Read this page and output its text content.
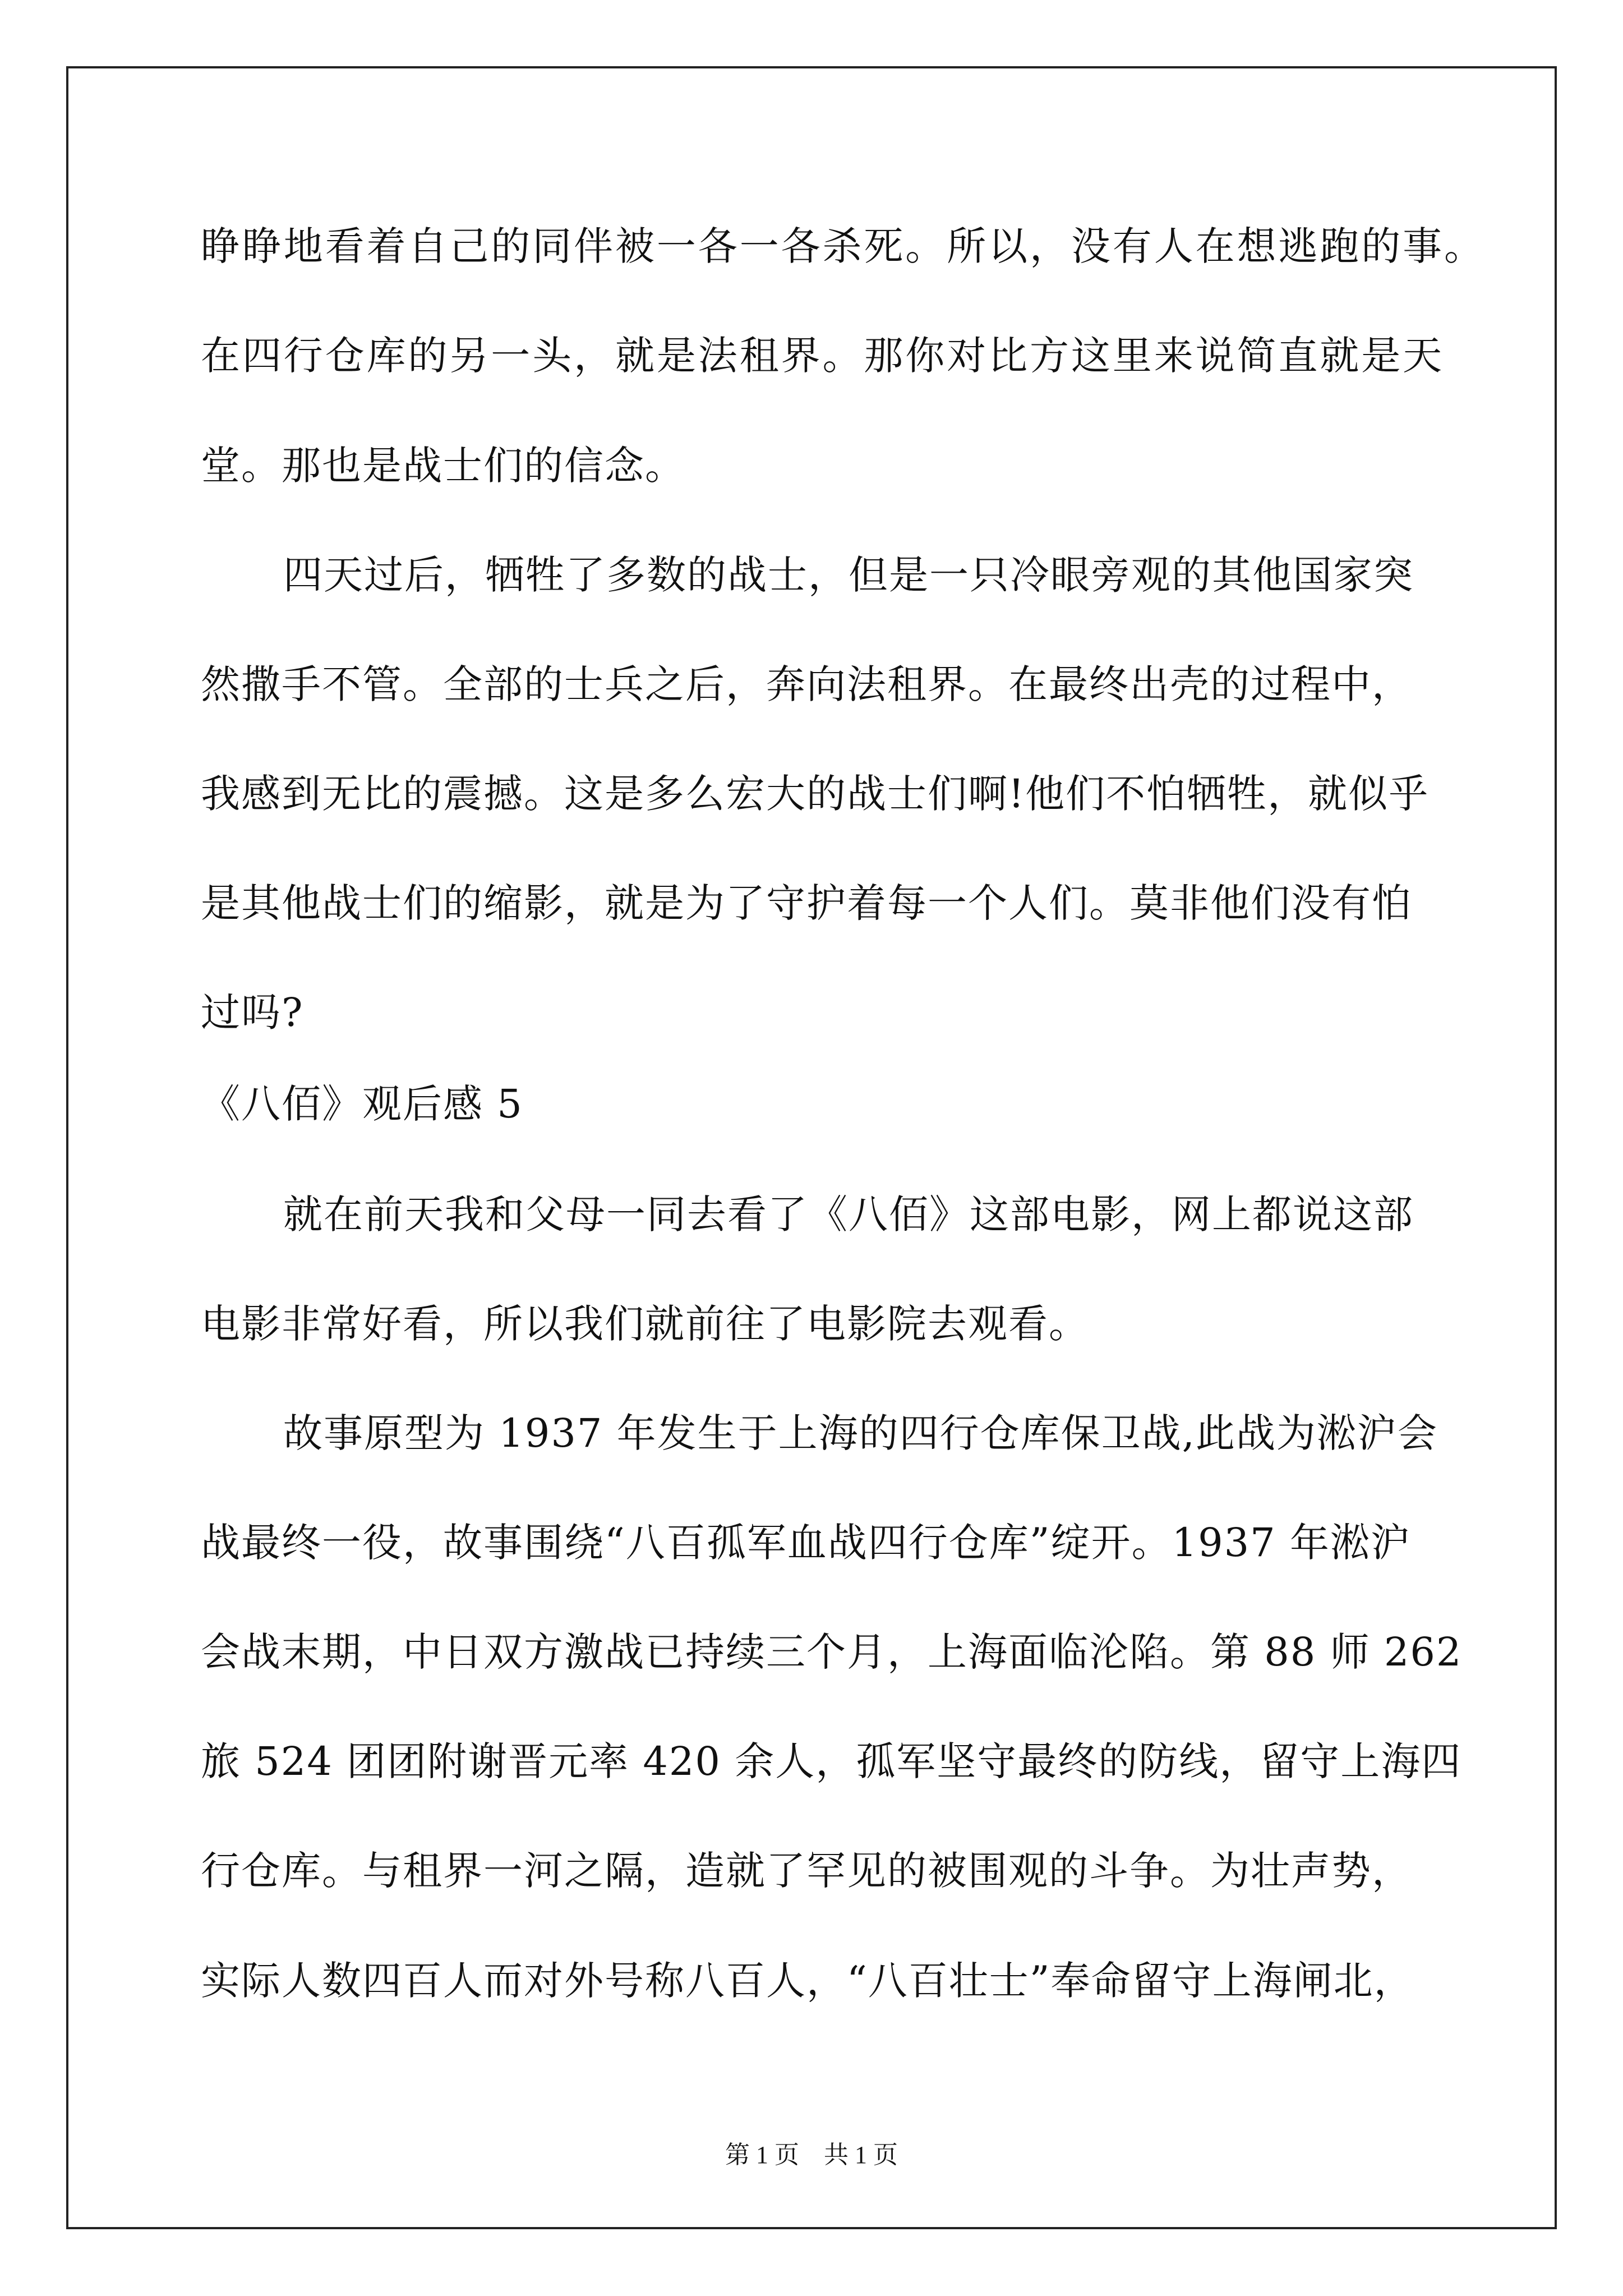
睁睁地看着自己的同伴被一各一各杀死。所以，没有人在想逃跑的事。
在四行仓库的另一头，就是法租界。那你对比方这里来说简直就是天
堂。那也是战士们的信念。
四天过后，牺牲了多数的战士，但是一只冷眼旁观的其他国家突
然撒手不管。全部的士兵之后，奔向法租界。在最终出壳的过程中，
我感到无比的震撼。这是多么宏大的战士们啊!他们不怕牺牲，就似乎
是其他战士们的缩影，就是为了守护着每一个人们。莫非他们没有怕
过吗?
《八佰》观后感 5
就在前天我和父母一同去看了《八佰》这部电影，网上都说这部
电影非常好看，所以我们就前往了电影院去观看。
故事原型为 1937 年发生于上海的四行仓库保卫战,此战为淞沪会
战最终一役，故事围绕“八百孤军血战四行仓库”绽开。1937 年淞沪
会战末期，中日双方激战已持续三个月，上海面临沦陷。第 88 师 262
旅 524 团团附谢晋元率 420 余人，孤军坚守最终的防线，留守上海四
行仓库。与租界一河之隔，造就了罕见的被围观的斗争。为壮声势，
实际人数四百人而对外号称八百人，“八百壮士”奉命留守上海闸北，
第 1 页　共 1 页
